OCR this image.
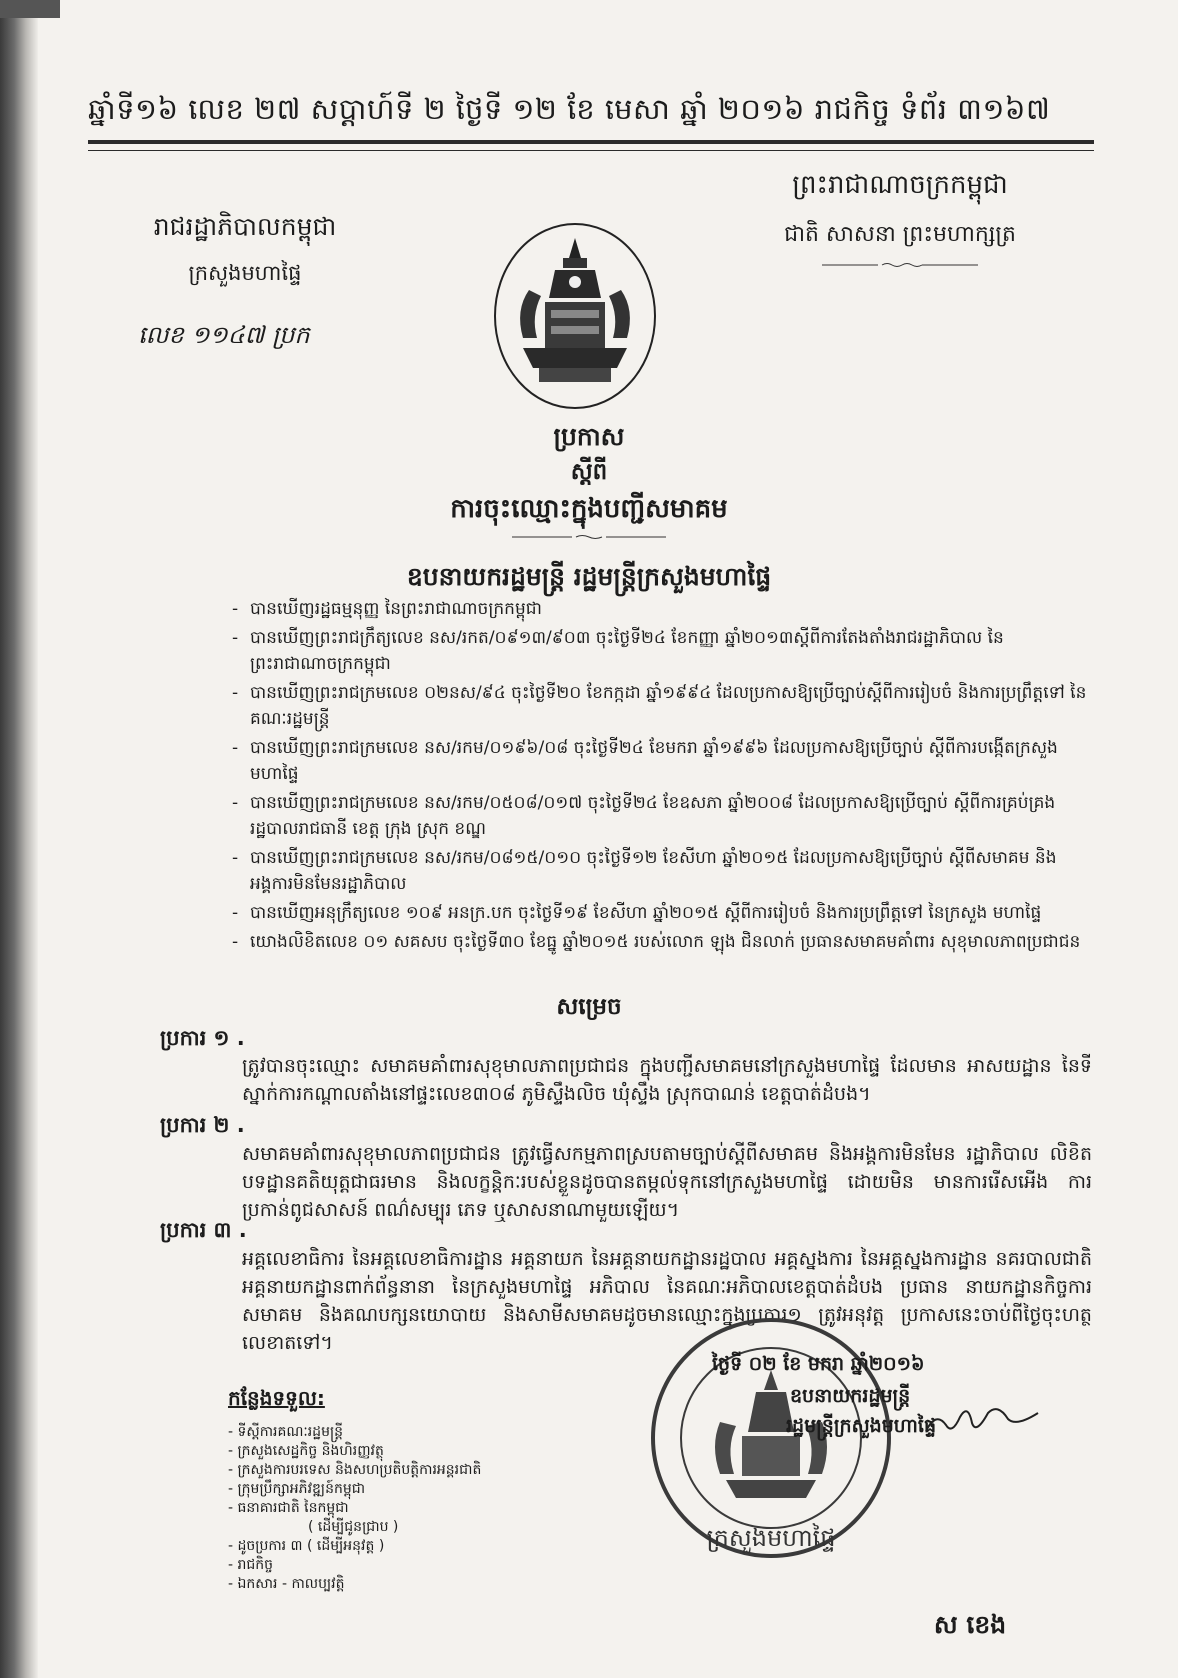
ឆ្នាំទី១៦ លេខ ២៧ សប្តាហ៍ទី ២ ថ្ងៃទី ១២ ខែ មេសា ឆ្នាំ ២០១៦ រាជកិច្ច ទំព័រ ៣១៦៧
ព្រះរាជាណាចក្រកម្ពុជា
ជាតិ សាសនា ព្រះមហាក្សត្រ
រាជរដ្ឋាភិបាលកម្ពុជា
ក្រសួងមហាផ្ទៃ
លេខ ១១៤៧ ប្រក
ប្រកាស
ស្តីពី
ការចុះឈ្មោះក្នុងបញ្ជីសមាគម
ឧបនាយករដ្ឋមន្ត្រី រដ្ឋមន្ត្រីក្រសួងមហាផ្ទៃ
- បានឃើញរដ្ឋធម្មនុញ្ញ នៃព្រះរាជាណាចក្រកម្ពុជា
- បានឃើញព្រះរាជក្រឹត្យលេខ នស/រកត/០៩១៣/៩០៣ ចុះថ្ងៃទី២៤ ខែកញ្ញា ឆ្នាំ២០១៣ស្តីពីការតែងតាំងរាជរដ្ឋាភិបាល នៃព្រះរាជាណាចក្រកម្ពុជា
- បានឃើញព្រះរាជក្រមលេខ ០២នស/៩៤ ចុះថ្ងៃទី២០ ខែកក្កដា ឆ្នាំ១៩៩៤ ដែលប្រកាសឱ្យប្រើច្បាប់ស្តីពីការរៀបចំ និងការប្រព្រឹត្តទៅ នៃគណៈរដ្ឋមន្ត្រី
- បានឃើញព្រះរាជក្រមលេខ នស/រកម/០១៩៦/០៨ ចុះថ្ងៃទី២៤ ខែមករា ឆ្នាំ១៩៩៦ ដែលប្រកាសឱ្យប្រើច្បាប់ ស្តីពីការបង្កើតក្រសួងមហាផ្ទៃ
- បានឃើញព្រះរាជក្រមលេខ នស/រកម/០៥០៨/០១៧ ចុះថ្ងៃទី២៤ ខែឧសភា ឆ្នាំ២០០៨ ដែលប្រកាសឱ្យប្រើច្បាប់ ស្តីពីការគ្រប់គ្រងរដ្ឋបាលរាជធានី ខេត្ត ក្រុង ស្រុក ខណ្ឌ
- បានឃើញព្រះរាជក្រមលេខ នស/រកម/០៨១៥/០១០ ចុះថ្ងៃទី១២ ខែសីហា ឆ្នាំ២០១៥ ដែលប្រកាសឱ្យប្រើច្បាប់ ស្តីពីសមាគម និងអង្គការមិនមែនរដ្ឋាភិបាល
- បានឃើញអនុក្រឹត្យលេខ ១០៩ អនក្រ.បក ចុះថ្ងៃទី១៩ ខែសីហា ឆ្នាំ២០១៥ ស្តីពីការរៀបចំ និងការប្រព្រឹត្តទៅ នៃក្រសួង មហាផ្ទៃ
- យោងលិខិតលេខ ០១ សគសប ចុះថ្ងៃទី៣០ ខែធ្នូ ឆ្នាំ២០១៥ របស់លោក ឡុង ជិនលាក់ ប្រធានសមាគមគាំពារ សុខុមាលភាពប្រជាជន
សម្រេច
ប្រការ ១ .
ត្រូវបានចុះឈ្មោះ សមាគមគាំពារសុខុមាលភាពប្រជាជន ក្នុងបញ្ជីសមាគមនៅក្រសួងមហាផ្ទៃ ដែលមាន អាសយដ្ឋាន នៃទីស្នាក់ការកណ្តាលតាំងនៅផ្ទះលេខ៣០៨ ភូមិស្ទឹងលិច ឃុំស្ទឹង ស្រុកបាណន់ ខេត្តបាត់ដំបង។
ប្រការ ២ .
សមាគមគាំពារសុខុមាលភាពប្រជាជន ត្រូវធ្វើសកម្មភាពស្របតាមច្បាប់ស្តីពីសមាគម និងអង្គការមិនមែន រដ្ឋាភិបាល លិខិតបទដ្ឋានគតិយុត្តជាធរមាន និងលក្ខន្តិកៈរបស់ខ្លួនដូចបានតម្កល់ទុកនៅក្រសួងមហាផ្ទៃ ដោយមិន មានការរើសអើង ការប្រកាន់ពូជសាសន៍ ពណ៌សម្បុរ ភេទ ឬសាសនាណាមួយឡើយ។
ប្រការ ៣ .
អគ្គលេខាធិការ នៃអគ្គលេខាធិការដ្ឋាន អគ្គនាយក នៃអគ្គនាយកដ្ឋានរដ្ឋបាល អគ្គស្នងការ នៃអគ្គស្នងការដ្ឋាន នគរបាលជាតិ អគ្គនាយកដ្ឋានពាក់ព័ន្ធនានា នៃក្រសួងមហាផ្ទៃ អភិបាល នៃគណៈអភិបាលខេត្តបាត់ដំបង ប្រធាន នាយកដ្ឋានកិច្ចការសមាគម និងគណបក្សនយោបាយ និងសាមីសមាគមដូចមានឈ្មោះក្នុងប្រការ១ ត្រូវអនុវត្ត ប្រកាសនេះចាប់ពីថ្ងៃចុះហត្ថលេខាតទៅ។
កន្លែងទទួល:
- ទីស្តីការគណៈរដ្ឋមន្ត្រី
- ក្រសួងសេដ្ឋកិច្ច និងហិរញ្ញវត្ថុ
- ក្រសួងការបរទេស និងសហប្រតិបត្តិការអន្តរជាតិ
- ក្រុមប្រឹក្សាអភិវឌ្ឍន៍កម្ពុជា
- ធនាគារជាតិ នៃកម្ពុជា
( ដើម្បីជូនជ្រាប )
- ដូចប្រការ ៣ ( ដើម្បីអនុវត្ត )
- រាជកិច្ច
- ឯកសារ - កាលប្បវត្តិ
ក្រសួងមហាផ្ទៃ
ថ្ងៃទី ០២ ខែ មករា ឆ្នាំ២០១៦
ឧបនាយករដ្ឋមន្ត្រី
រដ្ឋមន្ត្រីក្រសួងមហាផ្ទៃ
ស ខេង
